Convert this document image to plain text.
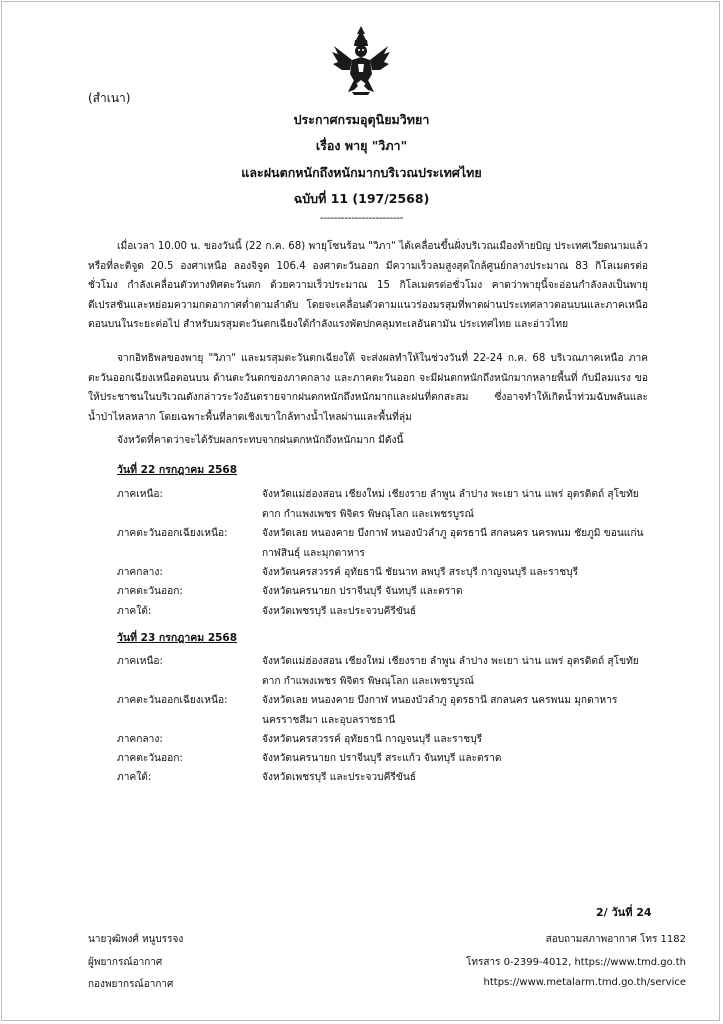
(สำเนา)
ประกาศกรมอุตุนิยมวิทยา
เรื่อง พายุ "วิภา"
และฝนตกหนักถึงหนักมากบริเวณประเทศไทย
ฉบับที่ 11 (197/2568)
------------------------
เมื่อเวลา 10.00 น. ของวันนี้ (22 ก.ค. 68) พายุโซนร้อน "วิภา" ได้เคลื่อนขึ้นฝั่งบริเวณเมืองท้ายบิญ ประเทศเวียดนามแล้ว หรือที่ละติจูด 20.5 องศาเหนือ ลองจิจูด 106.4 องศาตะวันออก มีความเร็วลมสูงสุดใกล้ศูนย์กลางประมาณ 83 กิโลเมตรต่อชั่วโมง กำลังเคลื่อนตัวทางทิศตะวันตก ด้วยความเร็วประมาณ 15 กิโลเมตรต่อชั่วโมง คาดว่าพายุนี้จะอ่อนกำลังลงเป็นพายุดีเปรสชันและหย่อมความกดอากาศต่ำตามลำดับ โดยจะเคลื่อนตัวตามแนวร่องมรสุมที่พาดผ่านประเทศลาวตอนบนและภาคเหนือตอนบนในระยะต่อไป สำหรับมรสุมตะวันตกเฉียงใต้กำลังแรงพัดปกคลุมทะเลอันดามัน ประเทศไทย และอ่าวไทย
จากอิทธิพลของพายุ "วิภา" และมรสุมตะวันตกเฉียงใต้ จะส่งผลทำให้ในช่วงวันที่ 22-24 ก.ค. 68 บริเวณภาคเหนือ ภาคตะวันออกเฉียงเหนือตอนบน ด้านตะวันตกของภาคกลาง และภาคตะวันออก จะมีฝนตกหนักถึงหนักมากหลายพื้นที่ กับมีลมแรง ขอให้ประชาชนในบริเวณดังกล่าวระวังอันตรายจากฝนตกหนักถึงหนักมากและฝนที่ตกสะสม ซึ่งอาจทำให้เกิดน้ำท่วมฉับพลันและน้ำป่าไหลหลาก โดยเฉพาะพื้นที่ลาดเชิงเขาใกล้ทางน้ำไหลผ่านและพื้นที่ลุ่ม
จังหวัดที่คาดว่าจะได้รับผลกระทบจากฝนตกหนักถึงหนักมาก มีดังนี้
วันที่ 22 กรกฎาคม 2568
ภาคเหนือ:	จังหวัดแม่ฮ่องสอน เชียงใหม่ เชียงราย ลำพูน ลำปาง พะเยา น่าน แพร่ อุตรดิตถ์ สุโขทัย ตาก กำแพงเพชร พิจิตร พิษณุโลก และเพชรบูรณ์
ภาคตะวันออกเฉียงเหนือ:	จังหวัดเลย หนองคาย บึงกาฬ หนองบัวลำภู อุดรธานี สกลนคร นครพนม ชัยภูมิ ขอนแก่น กาฬสินธุ์ และมุกดาหาร
ภาคกลาง:	จังหวัดนครสวรรค์ อุทัยธานี ชัยนาท ลพบุรี สระบุรี กาญจนบุรี และราชบุรี
ภาคตะวันออก:	จังหวัดนครนายก ปราจีนบุรี จันทบุรี และตราด
ภาคใต้:	จังหวัดเพชรบุรี และประจวบคีรีขันธ์
วันที่ 23 กรกฎาคม 2568
ภาคเหนือ:	จังหวัดแม่ฮ่องสอน เชียงใหม่ เชียงราย ลำพูน ลำปาง พะเยา น่าน แพร่ อุตรดิตถ์ สุโขทัย ตาก กำแพงเพชร พิจิตร พิษณุโลก และเพชรบูรณ์
ภาคตะวันออกเฉียงเหนือ:	จังหวัดเลย หนองคาย บึงกาฬ หนองบัวลำภู อุดรธานี สกลนคร นครพนม มุกดาหาร นครราชสีมา และอุบลราชธานี
ภาคกลาง:	จังหวัดนครสวรรค์ อุทัยธานี กาญจนบุรี และราชบุรี
ภาคตะวันออก:	จังหวัดนครนายก ปราจีนบุรี สระแก้ว จันทบุรี และตราด
ภาคใต้:	จังหวัดเพชรบุรี และประจวบคีรีขันธ์
2/ วันที่ 24
นายวุฒิพงศ์ หนูบรรจง
ผู้พยากรณ์อากาศ
กองพยากรณ์อากาศ
สอบถามสภาพอากาศ โทร 1182
โทรสาร 0-2399-4012, https://www.tmd.go.th
https://www.metalarm.tmd.go.th/service
